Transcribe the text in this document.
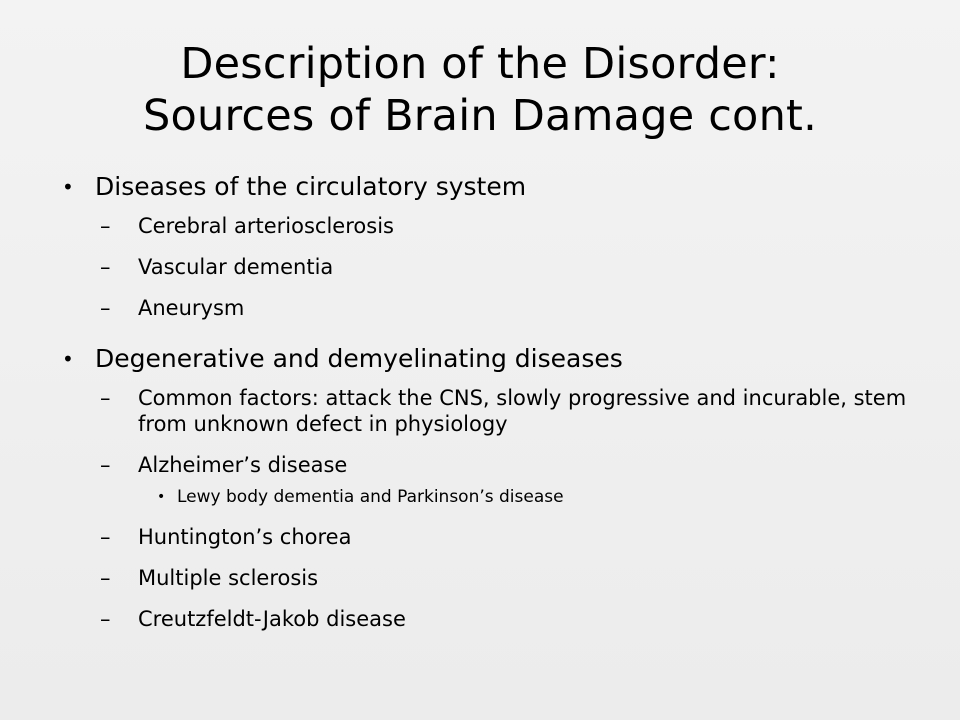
Description of the Disorder:
Sources of Brain Damage cont.
• Diseases of the circulatory system
– Cerebral arteriosclerosis
– Vascular dementia
– Aneurysm
• Degenerative and demyelinating diseases
– Common factors: attack the CNS, slowly progressive and incurable, stem from unknown defect in physiology
– Alzheimer’s disease
• Lewy body dementia and Parkinson’s disease
– Huntington’s chorea
– Multiple sclerosis
– Creutzfeldt-Jakob disease
